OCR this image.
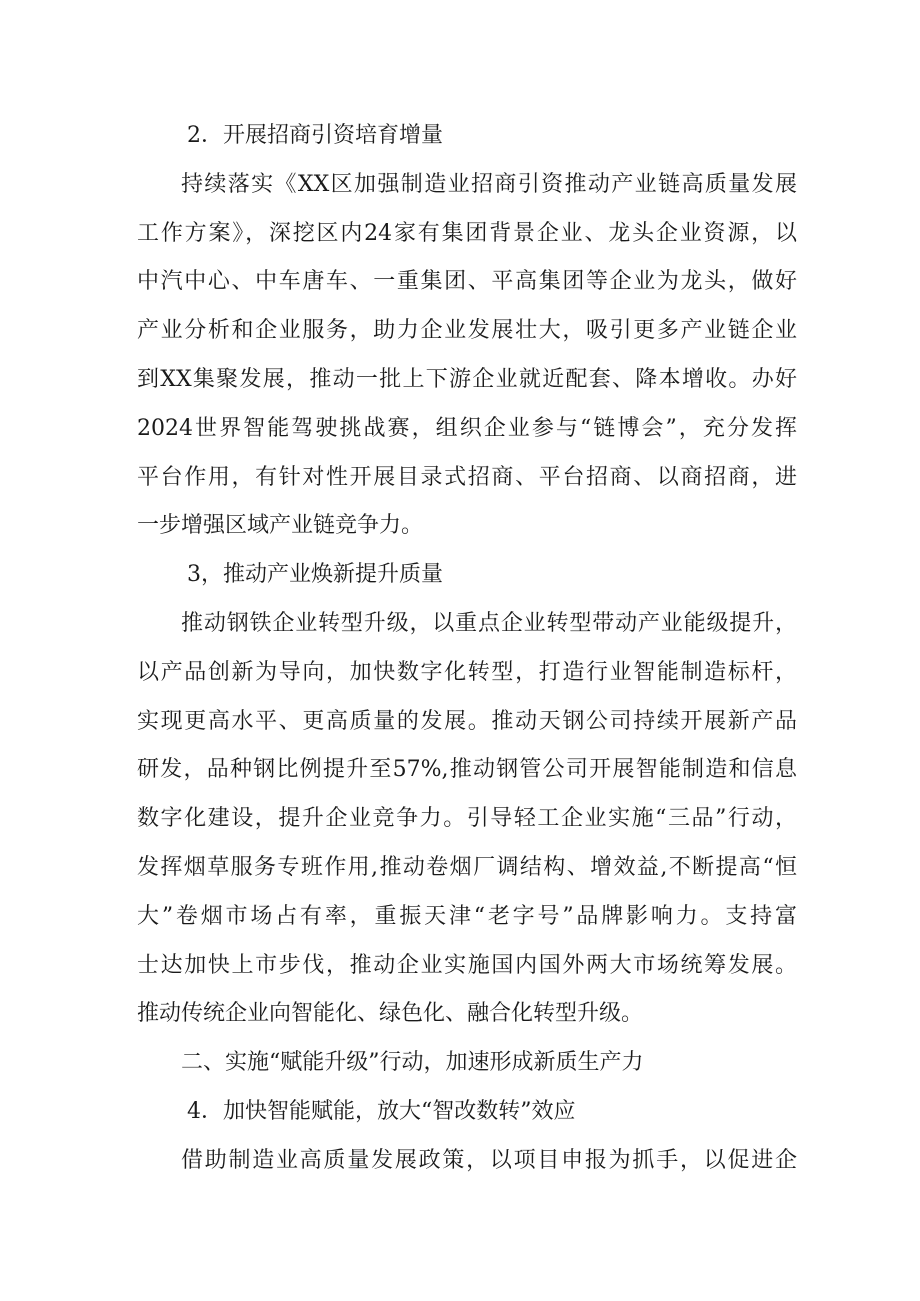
2．开展招商引资培育增量
持续落实《XX区加强制造业招商引资推动产业链高质量发展
工作方案》，深挖区内24家有集团背景企业、龙头企业资源，以
中汽中心、中车唐车、一重集团、平高集团等企业为龙头，做好
产业分析和企业服务，助力企业发展壮大，吸引更多产业链企业
到XX集聚发展，推动一批上下游企业就近配套、降本增收。办好
2024世界智能驾驶挑战赛，组织企业参与“链博会”，充分发挥
平台作用，有针对性开展目录式招商、平台招商、以商招商，进
一步增强区域产业链竞争力。
3，推动产业焕新提升质量
推动钢铁企业转型升级，以重点企业转型带动产业能级提升，
以产品创新为导向，加快数字化转型，打造行业智能制造标杆，
实现更高水平、更高质量的发展。推动天钢公司持续开展新产品
研发，品种钢比例提升至57%,推动钢管公司开展智能制造和信息
数字化建设，提升企业竞争力。引导轻工企业实施“三品”行动，
发挥烟草服务专班作用,推动卷烟厂调结构、增效益,不断提高“恒
大”卷烟市场占有率，重振天津“老字号”品牌影响力。支持富
士达加快上市步伐，推动企业实施国内国外两大市场统筹发展。
推动传统企业向智能化、绿色化、融合化转型升级。
二、实施“赋能升级”行动，加速形成新质生产力
4．加快智能赋能，放大“智改数转”效应
借助制造业高质量发展政策，以项目申报为抓手，以促进企
